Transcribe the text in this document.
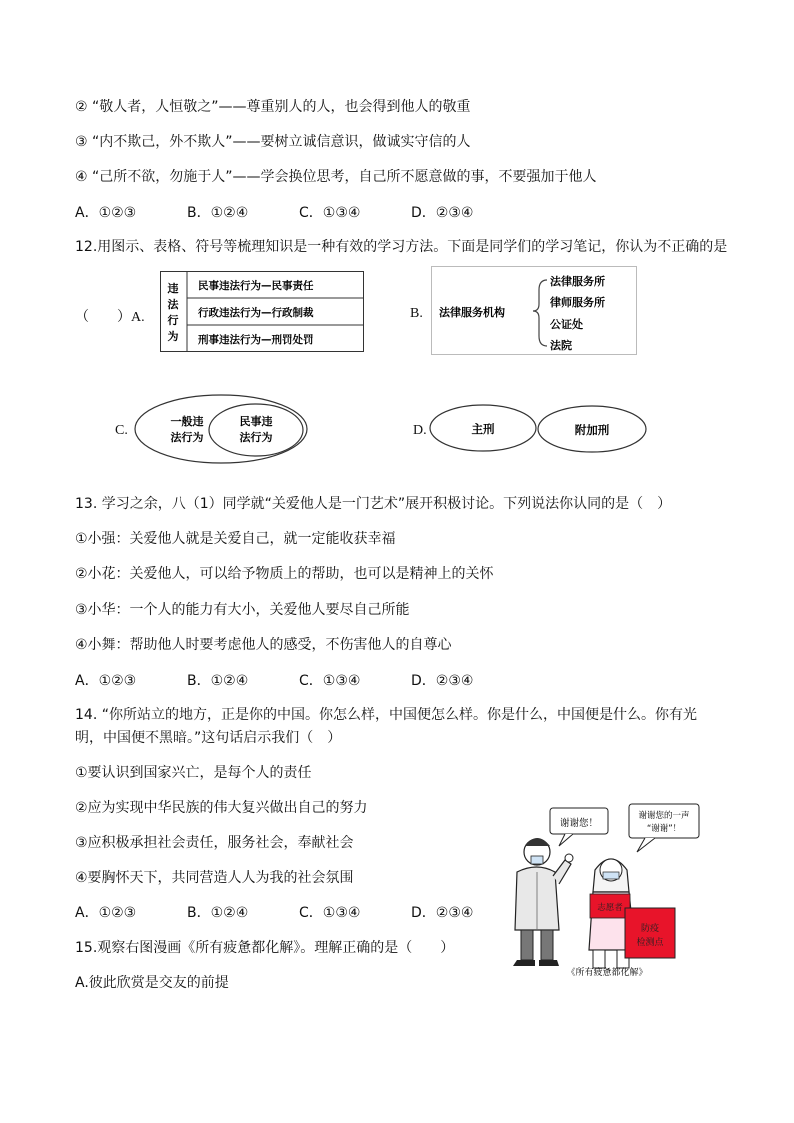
② “敬人者，人恒敬之”——尊重别人的人，也会得到他人的敬重
③ “内不欺己，外不欺人”——要树立诚信意识，做诚实守信的人
④ “己所不欲，勿施于人”——学会换位思考，自己所不愿意做的事，不要强加于他人
A．①②③	B．①②④	C．①③④	D．②③④
12.用图示、表格、符号等梳理知识是一种有效的学习方法。下面是同学们的学习笔记，你认为不正确的是
（　　）A.
违
法
行
为
民事违法行为—民事责任
行政违法行为—行政制裁
刑事违法行为—刑罚处罚
B. 法律服务机构
法律服务所
律师服务所
公证处
法院
C.
一般违
法行为
民事违
法行为	D.	主刑	附加刑
13. 学习之余，八（1）同学就“关爱他人是一门艺术”展开积极讨论。下列说法你认同的是（　）
①小强：关爱他人就是关爱自己，就一定能收获幸福
②小花：关爱他人，可以给予物质上的帮助，也可以是精神上的关怀
③小华：一个人的能力有大小，关爱他人要尽自己所能
④小舞：帮助他人时要考虑他人的感受，不伤害他人的自尊心
A．①②③	B．①②④	C．①③④	D．②③④
14. “你所站立的地方，正是你的中国。你怎么样，中国便怎么样。你是什么，中国便是什么。你有光
明，中国便不黑暗。”这句话启示我们（　）
①要认识到国家兴亡，是每个人的责任
②应为实现中华民族的伟大复兴做出自己的努力
③应积极承担社会责任，服务社会，奉献社会
④要胸怀天下，共同营造人人为我的社会氛围
A．①②③	B．①②④	C．①③④	D．②③④
15.观察右图漫画《所有疲惫都化解》。理解正确的是（　　）
A.彼此欣赏是交友的前提
谢谢您！
谢谢您的一声
“谢谢”！
志愿者
防疫
检测点
《所有疲惫都化解》
